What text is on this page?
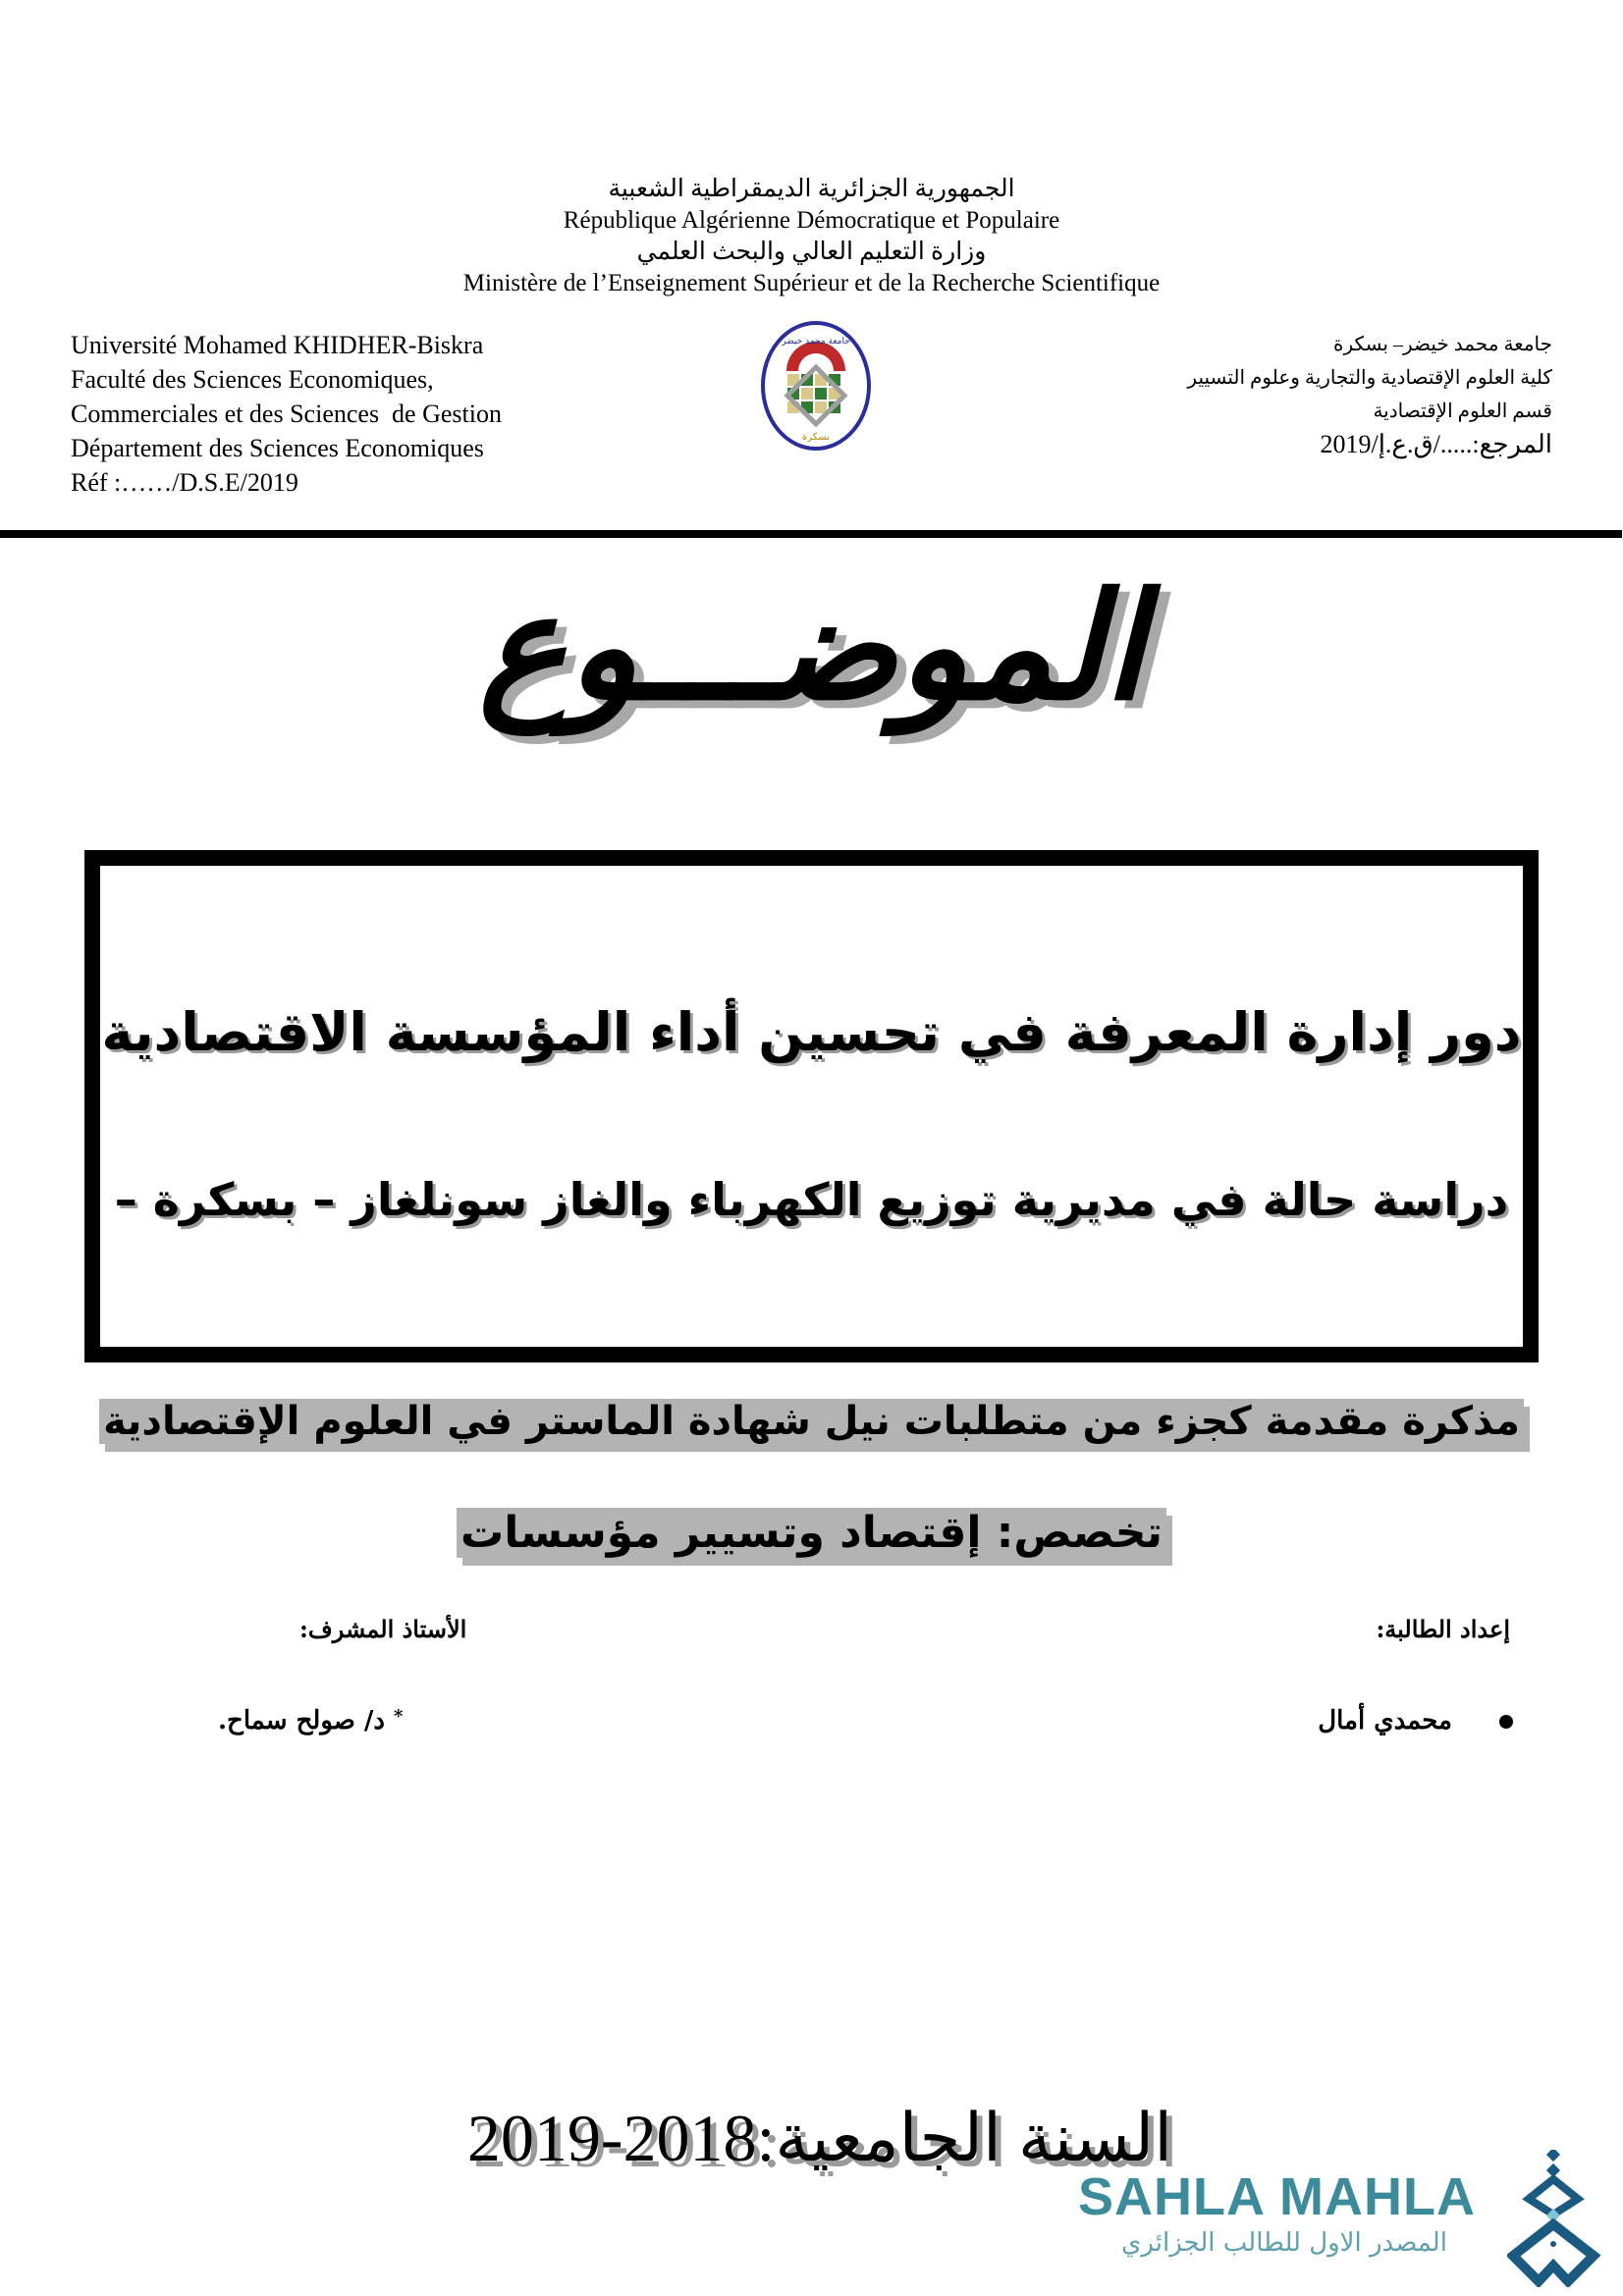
الجمهورية الجزائرية الديمقراطية الشعبية
République Algérienne Démocratique et Populaire
وزارة التعليم العالي والبحث العلمي
Ministère de l’Enseignement Supérieur et de la Recherche Scientifique
Université Mohamed KHIDHER-Biskra
Faculté des Sciences Economiques,
Commerciales et des Sciences  de Gestion
Département des Sciences Economiques
Réf :……/D.S.E/2019
جامعة محمد خيضر
بسكرة
جامعة محمد خيضر– بسكرة
كلية العلوم الإقتصادية والتجارية وعلوم التسيير
قسم العلوم الإقتصادية
المرجع:...../ق.ع.إ/2019
الموضـــوع
دور إدارة المعرفة في تحسين أداء المؤسسة الاقتصادية
دراسة حالة في مديرية توزيع الكهرباء والغاز سونلغاز – بسكرة –
مذكرة مقدمة كجزء من متطلبات نيل شهادة الماستر في العلوم الإقتصادية
تخصص: إقتصاد وتسيير مؤسسات
إعداد الطالبة:
الأستاذ المشرف:
محمدي أمال
* د/ صولح سماح.
السنة الجامعية:2018-2019
SAHLA MAHLA
المصدر الاول للطالب الجزائري
